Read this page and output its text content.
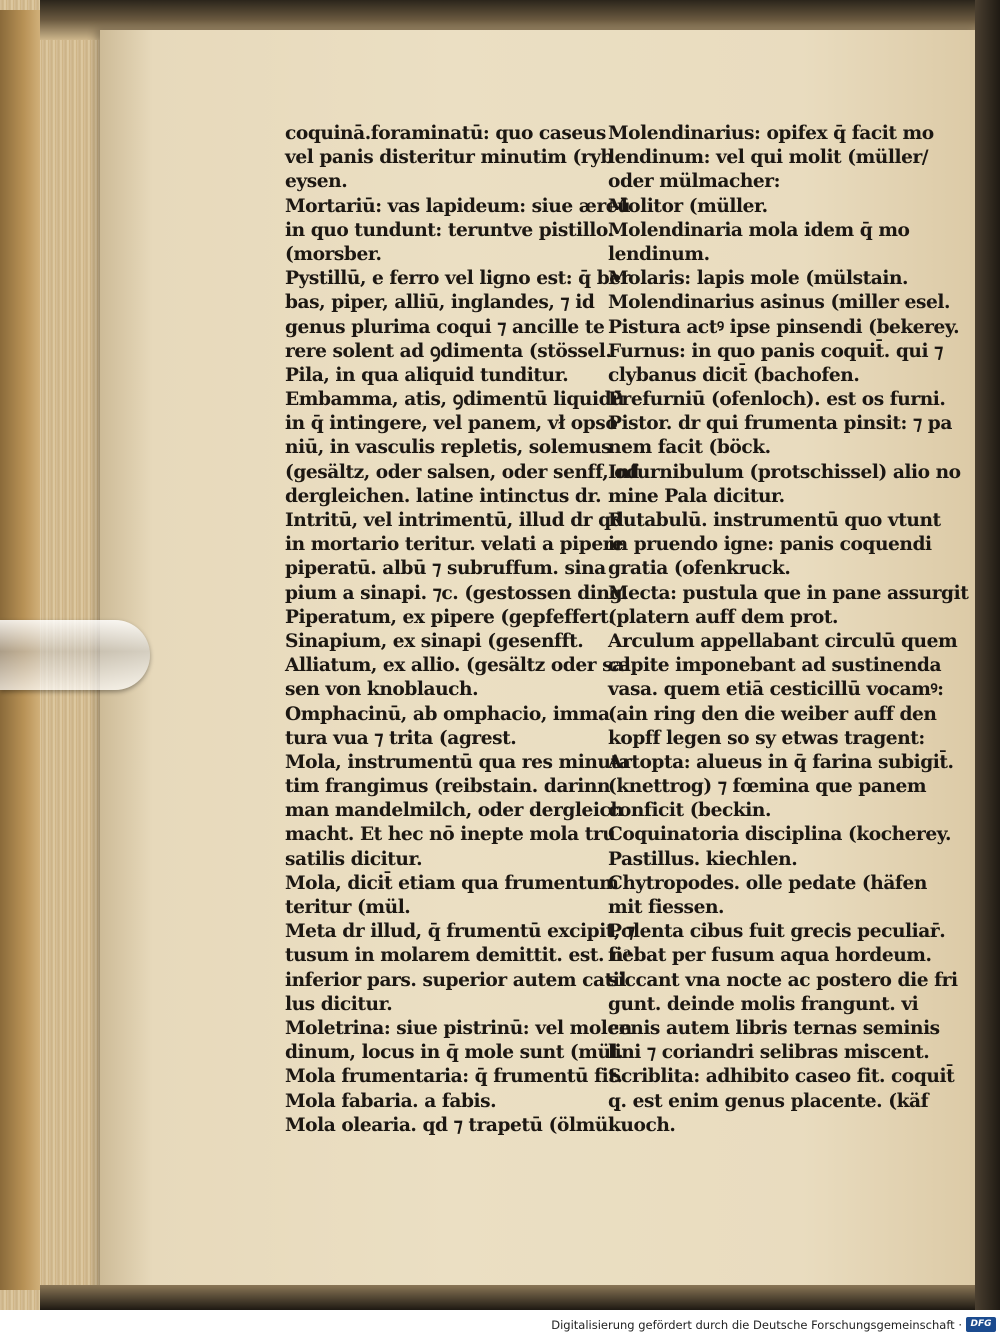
coquinā.foraminatū: quo caseus
vel panis disteritur minutim (ryb
eysen.
Mortariū: vas lapideum: siue æreū
in quo tundunt: teruntve pistillo.
(morsber.
Pystillū, e ferro vel ligno est: q̄ ber
bas, piper, alliū, inglandes, ⁊ id
genus plurima coqui ⁊ ancille te
rere solent ad ꝯdimenta (stössel.
Pila, in qua aliquid tunditur.
Embamma, atis, ꝯdimentū liquidū
in q̄ intingere, vel panem, vł opso
niū, in vasculis repletis, solemus
(gesältz, oder salsen, oder senff, od
dergleichen. latine intinctus dr.
Intritū, vel intrimentū, illud dr qd
in mortario teritur. velati a pipere
piperatū. albū ⁊ subruffum. sina
pium a sinapi. ⁊c. (gestossen ding.
Piperatum, ex pipere (gepfeffert.
Sinapium, ex sinapi (gesenfft.
Alliatum, ex allio. (gesältz oder sal
sen von knoblauch.
Omphacinū, ab omphacio, imma
tura vua ⁊ trita (agrest.
Mola, instrumentū qua res minuta
tim frangimus (reibstain. darinn
man mandelmilch, oder dergleich
macht. Et hec nō inepte mola tru
satilis dicitur.
Mola, dicit̄ etiam qua frumentum
teritur (mül.
Meta dr illud, q̄ frumentū excipit, ⁊
tusum in molarem demittit. est. nᵃ
inferior pars. superior autem catil
lus dicitur.
Moletrina: siue pistrinū: vel molen
dinum, locus in q̄ mole sunt (mül.
Mola frumentaria: q̄ frumentū fit.
Mola fabaria. a fabis.
Mola olearia. qd ⁊ trapetū (ölmül.
Molendinarius: opifex q̄ facit mo
lendinum: vel qui molit (müller/
oder mülmacher:
Molitor (müller.
Molendinaria mola idem q̄ mo
lendinum.
Molaris: lapis mole (mülstain.
Molendinarius asinus (miller esel.
Pistura actꝰ ipse pinsendi (bekerey.
Furnus: in quo panis coquit̄. qui ⁊
clybanus dicit̄ (bachofen.
Prefurniū (ofenloch). est os furni.
Pistor. dr qui frumenta pinsit: ⁊ pa
nem facit (böck.
Infurnibulum (protschissel) alio no
mine Pala dicitur.
Rutabulū. instrumentū quo vtunt
in pruendo igne: panis coquendi
gratia (ofenkruck.
Mecta: pustula que in pane assurgit
(platern auff dem prot.
Arculum appellabant circulū quem
capite imponebant ad sustinenda
vasa. quem etiā cesticillū vocamꝰ:
(ain ring den die weiber auff den
kopff legen so sy etwas tragent:
Artopta: alueus in q̄ farina subigit̄.
(knettrog) ⁊ fœmina que panem
conficit (beckin.
Coquinatoria disciplina (kocherey.
Pastillus. kiechlen.
Chytropodes. olle pedate (häfen
mit fiessen.
Polenta cibus fuit grecis peculiar̄.
fiebat per fusum aqua hordeum.
siccant vna nocte ac postero die fri
gunt. deinde molis frangunt. vi
cenis autem libris ternas seminis
lini ⁊ coriandri selibras miscent.
Scriblita: adhibito caseo fit. coquit̄
q̧. est enim genus placente. (käf
kuoch.
Digitalisierung gefördert durch die Deutsche Forschungsgemeinschaft · DFG
